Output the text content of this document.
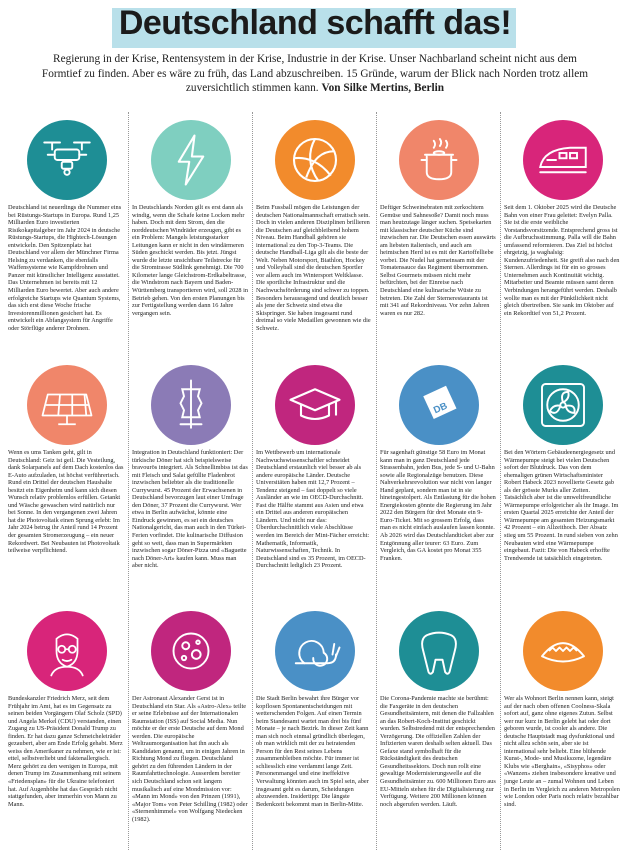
Deutschland schafft das!

Regierung in der Krise, Rentensystem in der Krise, Industrie in der Krise. Unser Nachbarland scheint nicht aus dem Formtief zu finden. Aber es wäre zu früh, das Land abzuschreiben. 15 Gründe, warum der Blick nach Norden trotz allem zuversichtlich stimmen kann. Von Silke Mertins, Berlin

Deutschland ist neuerdings die Nummer eins bei Rüstungs-Startups in Europa. Rund 1,25 Milliarden Euro investierten Risikokapitalgeber im Jahr 2024 in deutsche Rüstungs-Startups, die Hightech-Lösungen entwickeln. Den Spitzenplatz hat Deutschland vor allem der Münchner Firma Helsing zu verdanken, die ebenfalls Waffensysteme wie Kampfdrohnen und Panzer mit künstlicher Intelligenz ausstattet. Das Unternehmen ist bereits mit 12 Milliarden Euro bewertet. Aber auch andere erfolgreiche Startups wie Quantum Systems, das sich erst diese Woche frische Investorenmillionen gesichert hat. Es entwickelt ein Abfangsystem für Angriffe oder Störflüge anderer Drohnen.

In Deutschlands Norden gilt es erst dann als windig, wenn die Schafe keine Locken mehr haben. Doch mit dem Strom, den die norddeutschen Windräder erzeugen, gibt es ein Problem: Mangels leistungsstarker Leitungen kann er nicht in den windärmeren Süden geschickt werden. Bis jetzt. Jüngst wurde die letzte unsichtbare Teilstrecke für die Stromtrasse Südlink genehmigt. Die 700 Kilometer lange Gleichstrom-Erdkabeltrasse, die Windstrom nach Bayern und Baden-Württemberg transportieren wird, soll 2028 in Betrieb gehen. Von den ersten Planungen bis zur Fertigstellung werden dann 16 Jahre vergangen sein.

Beim Fussball mögen die Leistungen der deutschen Nationalmannschaft erratisch sein. Doch in vielen anderen Disziplinen brillieren die Deutschen auf gleichbleibend hohem Niveau. Beim Handball gehören sie international zu den Top-3-Teams. Die deutsche Handball-Liga gilt als die beste der Welt. Neben Motorsport, Biathlon, Hockey und Volleyball sind die deutschen Sportler vor allem auch im Wintersport Weltklasse. Die sportliche Infrastruktur und die Nachwuchsförderung sind schwer zu toppen. Besonders herausragend und deutlich besser als jene der Schweiz sind etwa die Skispringer. Sie haben insgesamt rund dreimal so viele Medaillen gewonnen wie die Schweiz.

Deftiger Schweinebraten mit zerkochtem Gemüse und Sahnesoße? Damit noch muss man heutzutage länger suchen. Speisekarten mit klassischer deutscher Küche sind inzwischen rar. Die Deutschen essen auswärts am liebsten italienisch, und auch am heimischen Herd ist es mit der Kartoffelliebe vorbei. Die Nudel hat gemeinsam mit der Tomatensauce das Regiment übernommen. Selbst Gourmets müssen nicht mehr befürchten, bei der Einreise nach Deutschland eine kulinarische Wüste zu betreten. Die Zahl der Sternerestaurants ist mit 341 auf Rekordniveau. Vor zehn Jahren waren es nur 282.

Seit dem 1. Oktober 2025 wird die Deutsche Bahn von einer Frau geleitet: Evelyn Palla. Sie ist die erste weibliche Vorstandsvorsitzende. Entsprechend gross ist die Aufbruchsstimmung. Palla will die Bahn umfassend reformieren. Das Ziel ist höchst ehrgeizig, ja waghalsig: Kundenzufriedenheit. Sie greift also nach den Sternen. Allerdings ist für ein so grosses Unternehmen auch Kontinuität wichtig. Mitarbeiter und Beamte müssen samt deren Verbindungen herangeführt werden. Deshalb wollte man es mit der Pünktlichkeit nicht gleich übertreiben. Sie sank im Oktober auf ein Rekordtief von 51,2 Prozent.

Wenn es ums Tanken geht, gilt in Deutschland: Geiz ist geil. Die Vesteilung, dank Solarpanels auf dem Dach kostenlos das E-Auto aufzuladen, ist höchst verführerisch. Rund ein Drittel der deutschen Haushalte besitzt ein Eigenheim und kann sich diesen Wunsch relativ problemlos erfüllen. Getankt und Wäsche gewaschen wird natürlich nur bei Sonne. In den vergangenen zwei Jahren hat die Photovoltaik einen Sprung erlebt: Im Jahr 2024 betrug ihr Anteil rund 14 Prozent der gesamten Stromerzeugung – ein neuer Rekordwert. Bei Neubauten ist Photovoltaik teilweise verpflichtend.

Integration in Deutschland funktioniert: Der türkische Döner hat sich beispielsweise bravourös integriert. Als Schnellimbiss ist das mit Fleisch und Salat gefüllte Fladenbrot inzwischen beliebter als die traditionelle Currywurst. 45 Prozent der Erwachsenen in Deutschland bevorzugen laut einer Umfrage den Döner, 37 Prozent die Currywurst. Wer etwa in Berlin aufwächst, könnte eine Eindruck gewinnen, es sei ein deutsches Nationalgericht, das man auch in den Türkei-Ferien vorfindet. Die kulinarische Diffusion geht so weit, dass man in Supermärkten inzwischen sogar Döner-Pizza und «Baguette nach Döner-Art» kaufen kann. Muss man aber nicht.

Im Wettbewerb um internationale Nachwuchswissenschaftler schneidet Deutschland erstaunlich viel besser ab als andere europäische Länder. Deutsche Universitäten haben mit 12,7 Prozent – Tendenz steigend – fast doppelt so viele Ausländer an wie im OECD-Durchschnitt. Fast die Hälfte stammt aus Asien und etwa ein Drittel aus anderen europäischen Ländern. Und nicht nur das: Überdurchschnittlich viele Abschlüsse werden im Bereich der Mint-Fächer erreicht: Mathematik, Informatik, Naturwissenschaften, Technik. In Deutschland sind es 35 Prozent, im OECD-Durchschnitt lediglich 23 Prozent.

Für sagenhaft günstige 58 Euro im Monat kann man in ganz Deutschland jede Strassenbahn, jeden Bus, jede S- und U-Bahn sowie alle Regionalzüge benutzen. Diese Nahverkehrsrevolution war nicht von langer Hand geplant, sondern man ist in sie hineingestolpert. Als Entlastung für die hohen Energiekosten gönnte die Regierung im Jahr 2022 den Bürgern für drei Monate ein 9-Euro-Ticket. Mit so grossem Erfolg, dass man es nicht einfach auslaufen lassen konnte. Ab 2026 wird das Deutschlandticket aber zur Entgönnung aller teurer: 63 Euro. Zum Vergleich, das GA kostet pro Monat 355 Franken.

Bei den Wörtern Gebäudeenergiegesetz und Wärmepumpe steigt bei vielen Deutschen sofort der Blutdruck. Das von dem ehemaligen grünen Wirtschaftsminister Robert Habeck 2023 novellierte Gesetz gab als der grösste Murks aller Zeiten. Tatsächlich aber ist die umweltfreundliche Wärmepumpe erfolgreicher als ihr Image. Im ersten Quartal 2025 erreichte der Anteil der Wärmepumpe am gesamten Heizungsmarkt 42 Prozent – ein Allzeithoch. Der Absatz stieg um 55 Prozent. In rund sieben von zehn Neubauten wird eine Wärmepumpe eingebaut. Fazit: Die von Habeck erhoffte Trendwende ist tatsächlich eingetreten.

Bundeskanzler Friedrich Merz, seit dem Frühjahr im Amt, hat es im Gegensatz zu seinen beiden Vorgängern Olaf Scholz (SPD) und Angela Merkel (CDU) verstanden, einen Zugang zu US-Präsident Donald Trump zu finden. Er hat dazu ganze Schmeicheleiräder gezaubert, aber am Ende Erfolg gehabt. Merz weiss den Amerikaner zu nehmen, wie er ist: ettel, selbstverliebt und faktenallergisch. Merz gehört zu den wenigen in Europa, mit denen Trump im Zusammenhang mit seinem «Friedensplan» für die Ukraine telefoniert hat. Auf Augenhöhe hat das Gespräch nicht stattgefunden, aber immerhin von Mann zu Mann.

Der Astronaut Alexander Gerst ist in Deutschland ein Star. Als «Astro-Alex» teilte er seine Erlebnisse auf der Internationalen Raumstation (ISS) auf Social Media. Nun möchte er der erste Deutsche auf dem Mond werden. Die europäische Weltraumorganisation hat ihn auch als Kandidaten genannt, um in einigen Jahren in Richtung Mond zu fliegen. Deutschland gehört zu den führenden Ländern in der Raumfahrttechnologie. Ausserdem bereiter sich Deutschland schon seit langem musikalisch auf eine Mondmission vor: «Mann im Mond» von den Prinzen (1991), «Major Tom» von Peter Schilling (1982) oder «Sternenhimmel» von Wolfgang Niedecken (1982).

Die Stadt Berlin bewahrt ihre Bürger vor kopflosen Spontanentscheidungen mit wetterschenden Folgen. Auf einen Termin beim Standesamt wartet man drei bis fünf Monate – je nach Bezirk. In dieser Zeit kann man sich noch einmal gründlich überlegen, ob man wirklich mit der zu heiratenden Person für den Rest seines Lebens zusammenbleiben möchte. Für immer ist schliesslich eine verdammt lange Zeit. Personenmangel und eine ineffektive Verwaltung könnten auch im Spiel sein, aber insgesamt geht es darum, Scheidungen abzuwenden. Insidertipp: Die längste Bedenkzeit bekommt man in Berlin-Mitte.

Die Corona-Pandemie machte sie berühmt: die Faxgeräte in den deutschen Gesundheitsämtern, mit denen die Fallzahlen an das Robert-Koch-Institut geschickt wurden. Selbstredend mit der entsprechenden Verzögerung. Die offiziellen Zahlen der Infizierten waren deshalb selten aktuell. Das Gefaxe stand symbolhaft für die Rückständigkeit des deutschen Gesundheitssektors. Doch nun rollt eine gewaltige Modernisierungswelle auf die Gesundheitsämter zu. 600 Millionen Euro aus EU-Mitteln stehen für die Digitalisierung zur Verfügung. Weitere 200 Millionen können noch abgerufen werden. Läuft.

Wer als Wohnort Berlin nennen kann, steigt auf der nach oben offenen Coolness-Skala sofort auf, ganz ohne eigenes Zutun. Selbst wer nur kurz in Berlin gelebt hat oder dort geboren wurde, ist cooler als andere. Die deutsche Hauptstadt mag dysfunktional und nicht allzu schön sein, aber sie ist international sehr beliebt. Eine blühende Kunst-, Mode- und Musikszene, legendäre Klubs wie «Berghain», «Sisyphos» oder «Wanzen» ziehen insbesondere kreative und junge Leute an – zumal Wohnen und Leben in Berlin im Vergleich zu anderen Metropolen wie London oder Paris noch relativ bezahlbar sind.
